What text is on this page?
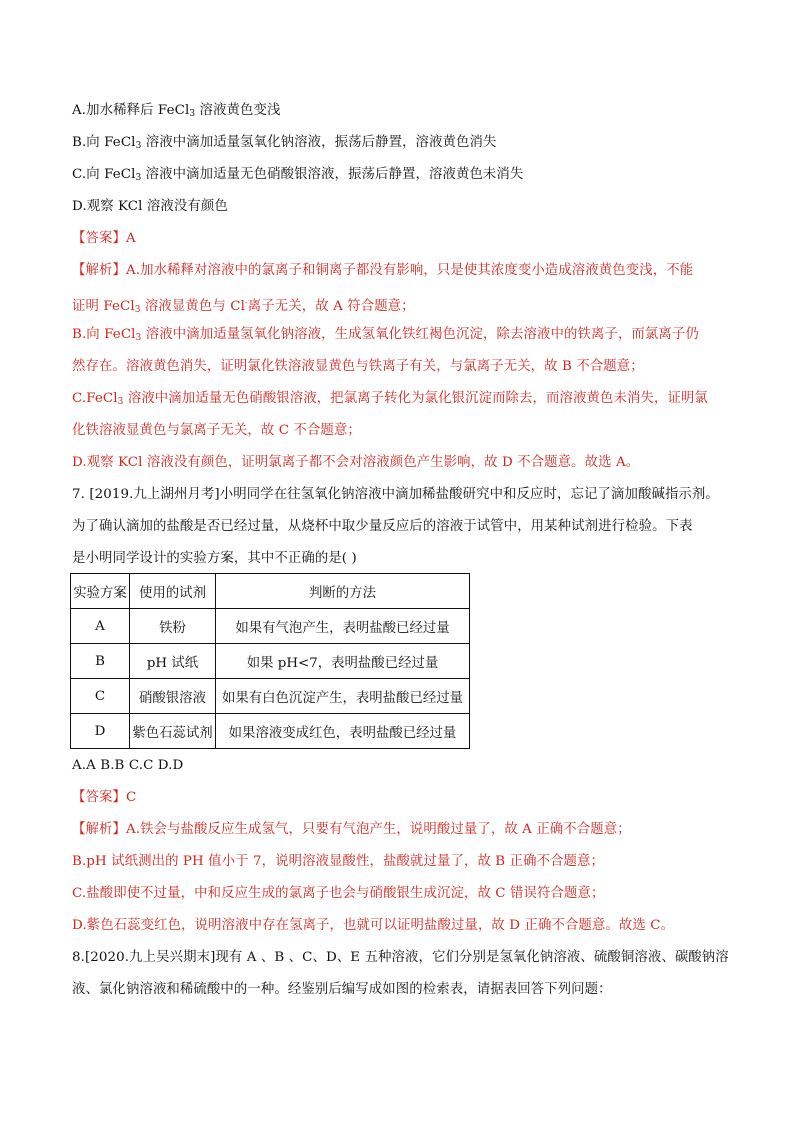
A.加水稀释后 FeCl$_3$ 溶液黄色变浅
B.向 FeCl$_3$ 溶液中滴加适量氢氧化钠溶液，振荡后静置，溶液黄色消失
C.向 FeCl$_3$ 溶液中滴加适量无色硝酸银溶液，振荡后静置，溶液黄色未消失
D.观察 KCl 溶液没有颜色
【答案】A
【解析】A.加水稀释对溶液中的氯离子和铜离子都没有影响，只是使其浓度变小造成溶液黄色变浅，不能
证明 FeCl$_3$ 溶液显黄色与 Cl-离子无关，故 A 符合题意；
B.向 FeCl$_3$ 溶液中滴加适量氢氧化钠溶液，生成氢氧化铁红褐色沉淀，除去溶液中的铁离子，而氯离子仍
然存在。溶液黄色消失，证明氯化铁溶液显黄色与铁离子有关，与氯离子无关，故 B 不合题意；
C.FeCl$_3$ 溶液中滴加适量无色硝酸银溶液，把氯离子转化为氯化银沉淀而除去，而溶液黄色未消失，证明氯
化铁溶液显黄色与氯离子无关，故 C 不合题意；
D.观察 KCl 溶液没有颜色，证明氯离子都不会对溶液颜色产生影响，故 D 不合题意。故选 A。
7. [2019.九上湖州月考]小明同学在往氢氧化钠溶液中滴加稀盐酸研究中和反应时，忘记了滴加酸碱指示剂。
为了确认滴加的盐酸是否已经过量，从烧杯中取少量反应后的溶液于试管中，用某种试剂进行检验。下表
是小明同学设计的实验方案，其中不正确的是( )
实验方案	使用的试剂	判断的方法
A	铁粉	如果有气泡产生，表明盐酸已经过量
B	pH 试纸	如果 pH<7，表明盐酸已经过量
C	硝酸银溶液	如果有白色沉淀产生，表明盐酸已经过量
D	紫色石蕊试剂	如果溶液变成红色，表明盐酸已经过量
A.A B.B C.C D.D
【答案】C
【解析】A.铁会与盐酸反应生成氢气，只要有气泡产生，说明酸过量了，故 A 正确不合题意；
B.pH 试纸测出的 PH 值小于 7，说明溶液显酸性，盐酸就过量了，故 B 正确不合题意；
C.盐酸即使不过量，中和反应生成的氯离子也会与硝酸银生成沉淀，故 C 错误符合题意；
D.紫色石蕊变红色，说明溶液中存在氢离子，也就可以证明盐酸过量，故 D 正确不合题意。故选 C。
8.[2020.九上吴兴期末]现有 A 、B 、C、D、E 五种溶液，它们分别是氢氧化钠溶液、硫酸铜溶液、碳酸钠溶
液、氯化钠溶液和稀硫酸中的一种。经鉴别后编写成如图的检索表，请据表回答下列问题：
